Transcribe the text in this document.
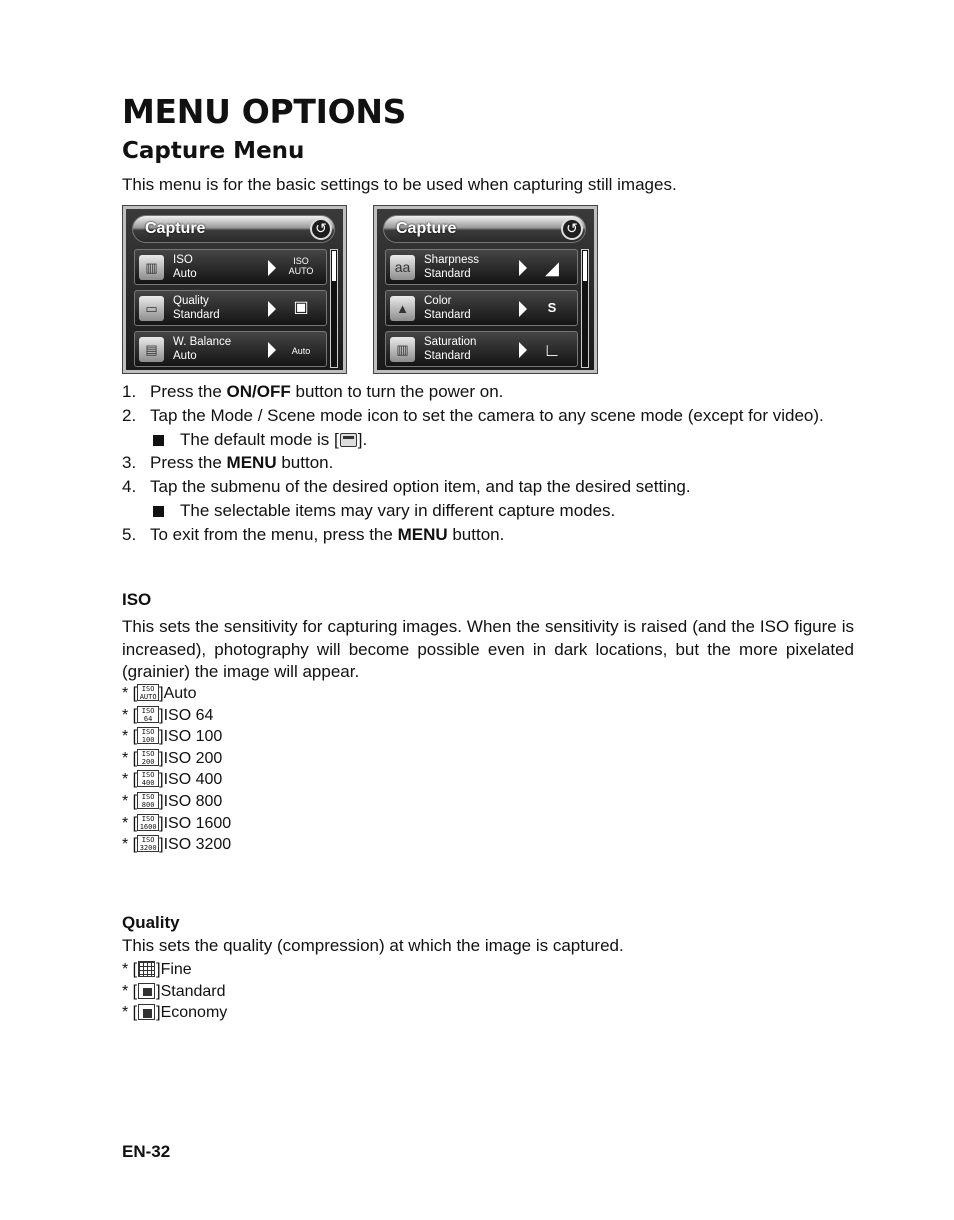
MENU OPTIONS
Capture Menu
This menu is for the basic settings to be used when capturing still images.
Capture	↺
▥	ISO
Auto
ISO AUTO
▭	Quality
Standard	▣
▤	W. Balance
Auto	Auto
Capture	↺
aa	Sharpness
Standard	◢
▲	Color
Standard	S
▥	Saturation
Standard	∟
1. Press the ON/OFF button to turn the power on.
2. Tap the Mode / Scene mode icon to set the camera to any scene mode (except for video).
The default mode is [ ].
3. Press the MENU button.
4. Tap the submenu of the desired option item, and tap the desired setting.
The selectable items may vary in different capture modes.
5. To exit from the menu, press the MENU button.
ISO
This sets the sensitivity for capturing images. When the sensitivity is raised (and the ISO figure is increased), photography will become possible even in dark locations, but the more pixelated (grainier) the image will appear.
* [ ISO AUTO ]Auto
* [ ISO 64 ]ISO 64
* [ ISO 100 ]ISO 100
* [ ISO 200 ]ISO 200
* [ ISO 400 ]ISO 400
* [ ISO 800 ]ISO 800
* [ ISO 1600 ]ISO 1600
* [ ISO 3200 ]ISO 3200
Quality
This sets the quality (compression) at which the image is captured.
* [ ]Fine
* [ ]Standard
* [ ]Economy
EN-32
